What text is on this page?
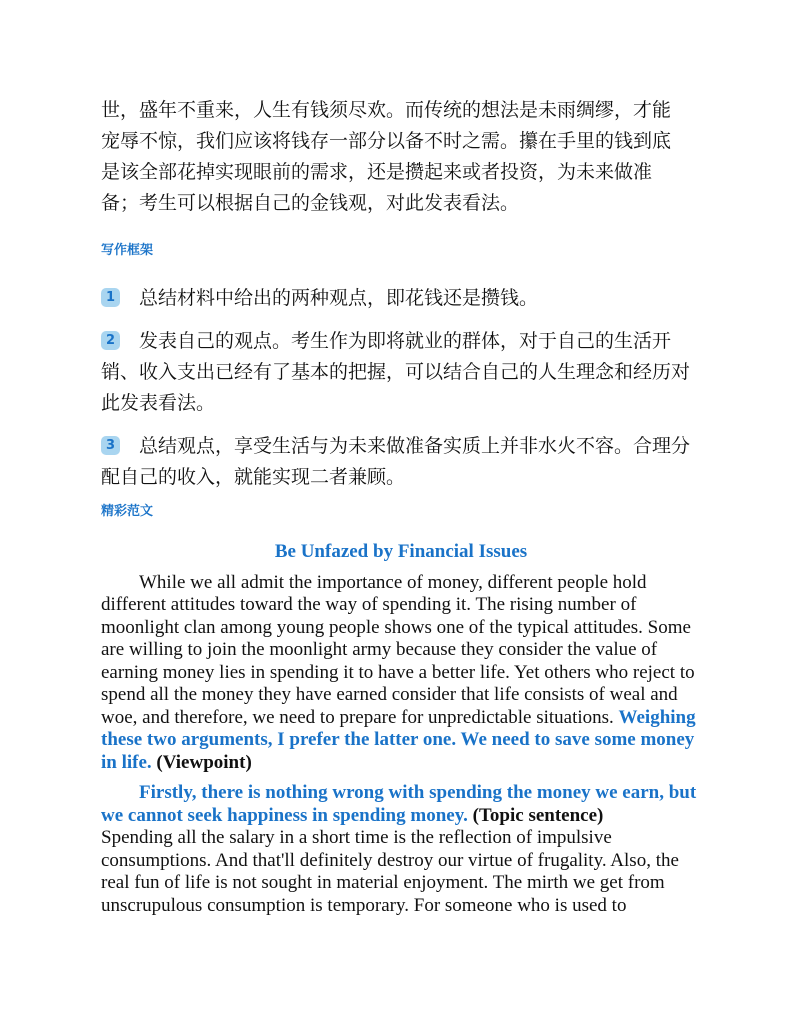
世，盛年不重来，人生有钱须尽欢。而传统的想法是未雨绸缪，才能
宠辱不惊，我们应该将钱存一部分以备不时之需。攥在手里的钱到底
是该全部花掉实现眼前的需求，还是攒起来或者投资，为未来做准
备；考生可以根据自己的金钱观，对此发表看法。

写作框架

1 总结材料中给出的两种观点，即花钱还是攒钱。

2 发表自己的观点。考生作为即将就业的群体，对于自己的生活开销、收入支出已经有了基本的把握，可以结合自己的人生理念和经历对此发表看法。

3 总结观点，享受生活与为未来做准备实质上并非水火不容。合理分配自己的收入，就能实现二者兼顾。

精彩范文

Be Unfazed by Financial Issues

While we all admit the importance of money, different people hold different attitudes toward the way of spending it. The rising number of moonlight clan among young people shows one of the typical attitudes. Some are willing to join the moonlight army because they consider the value of earning money lies in spending it to have a better life. Yet others who reject to spend all the money they have earned consider that life consists of weal and woe, and therefore, we need to prepare for unpredictable situations. Weighing these two arguments, I prefer the latter one. We need to save some money in life. (Viewpoint)

Firstly, there is nothing wrong with spending the money we earn, but we cannot seek happiness in spending money. (Topic sentence)
Spending all the salary in a short time is the reflection of impulsive consumptions. And that'll definitely destroy our virtue of frugality. Also, the real fun of life is not sought in material enjoyment. The mirth we get from unscrupulous consumption is temporary. For someone who is used to
